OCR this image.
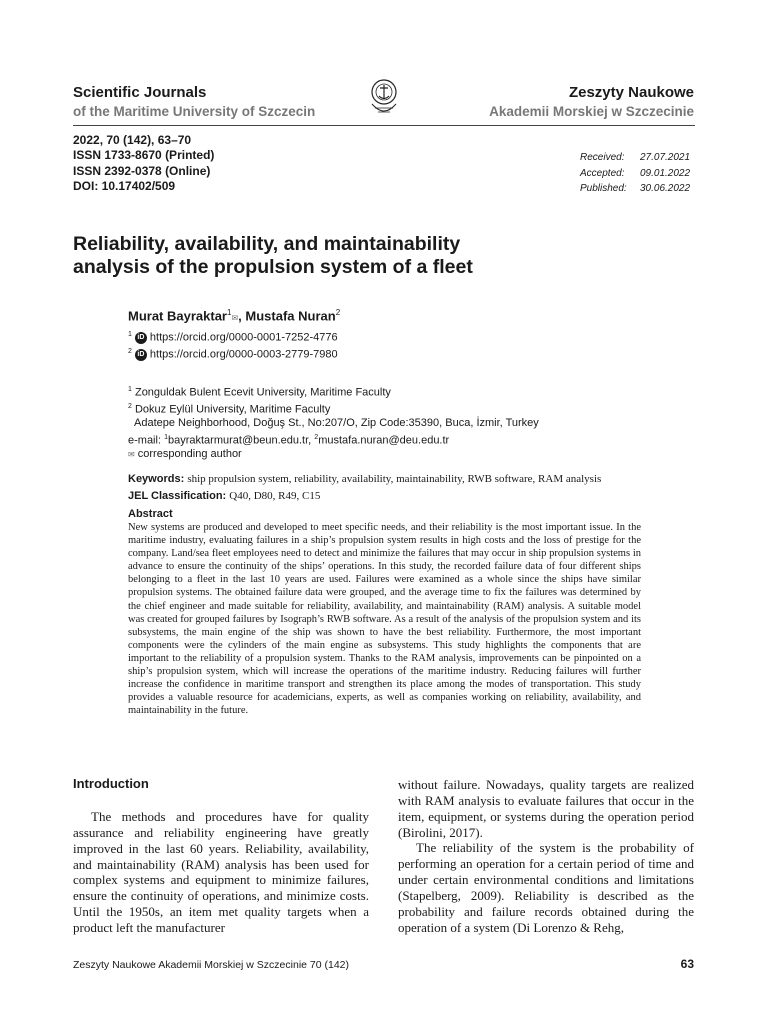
Scientific Journals
of the Maritime University of Szczecin
Zeszyty Naukowe
Akademii Morskiej w Szczecinie
2022, 70 (142), 63–70
ISSN 1733-8670 (Printed)
ISSN 2392-0378 (Online)
DOI: 10.17402/509
Received:	27.07.2021
Accepted:	09.01.2022
Published:	30.06.2022
Reliability, availability, and maintainability
analysis of the propulsion system of a fleet
Murat Bayraktar$^1$✉, Mustafa Nuran$^2$
$^1$ iD https://orcid.org/0000-0001-7252-4776
$^2$ iD https://orcid.org/0000-0003-2779-7980
$^1$ Zonguldak Bulent Ecevit University, Maritime Faculty
$^2$ Dokuz Eylül University, Maritime Faculty
Adatepe Neighborhood, Doğuş St., No:207/O, Zip Code:35390, Buca, İzmir, Turkey
e-mail: $^1$bayraktarmurat@beun.edu.tr, $^2$mustafa.nuran@deu.edu.tr
✉ corresponding author
Keywords: ship propulsion system, reliability, availability, maintainability, RWB software, RAM analysis
JEL Classification: Q40, D80, R49, C15
Abstract
New systems are produced and developed to meet specific needs, and their reliability is the most important issue. In the maritime industry, evaluating failures in a ship’s propulsion system results in high costs and the loss of prestige for the company. Land/sea fleet employees need to detect and minimize the failures that may occur in ship propulsion systems in advance to ensure the continuity of the ships’ operations. In this study, the recorded failure data of four different ships belonging to a fleet in the last 10 years are used. Failures were examined as a whole since the ships have similar propulsion systems. The obtained failure data were grouped, and the average time to fix the failures was determined by the chief engineer and made suitable for reliability, availability, and maintainability (RAM) analysis. A suitable model was created for grouped failures by Isograph’s RWB software. As a result of the analysis of the propulsion system and its subsystems, the main engine of the ship was shown to have the best reliability. Furthermore, the most important components were the cylinders of the main engine as subsystems. This study highlights the components that are important to the reliability of a propulsion system. Thanks to the RAM analysis, improvements can be pinpointed on a ship’s propulsion system, which will increase the operations of the maritime industry. Reducing failures will further increase the confidence in maritime transport and strengthen its place among the modes of transportation. This study provides a valuable resource for academicians, experts, as well as companies working on reliability, availability, and maintainability in the future.
Introduction
The methods and procedures have for quality assurance and reliability engineering have greatly improved in the last 60 years. Reliability, availability, and maintainability (RAM) analysis has been used for complex systems and equipment to minimize failures, ensure the continuity of operations, and minimize costs. Until the 1950s, an item met quality targets when a product left the manufacturer

without failure. Nowadays, quality targets are realized with RAM analysis to evaluate failures that occur in the item, equipment, or systems during the operation period (Birolini, 2017).

The reliability of the system is the probability of performing an operation for a certain period of time and under certain environmental conditions and limitations (Stapelberg, 2009). Reliability is described as the probability and failure records obtained during the operation of a system (Di Lorenzo & Rehg,

Zeszyty Naukowe Akademii Morskiej w Szczecinie 70 (142)	63
